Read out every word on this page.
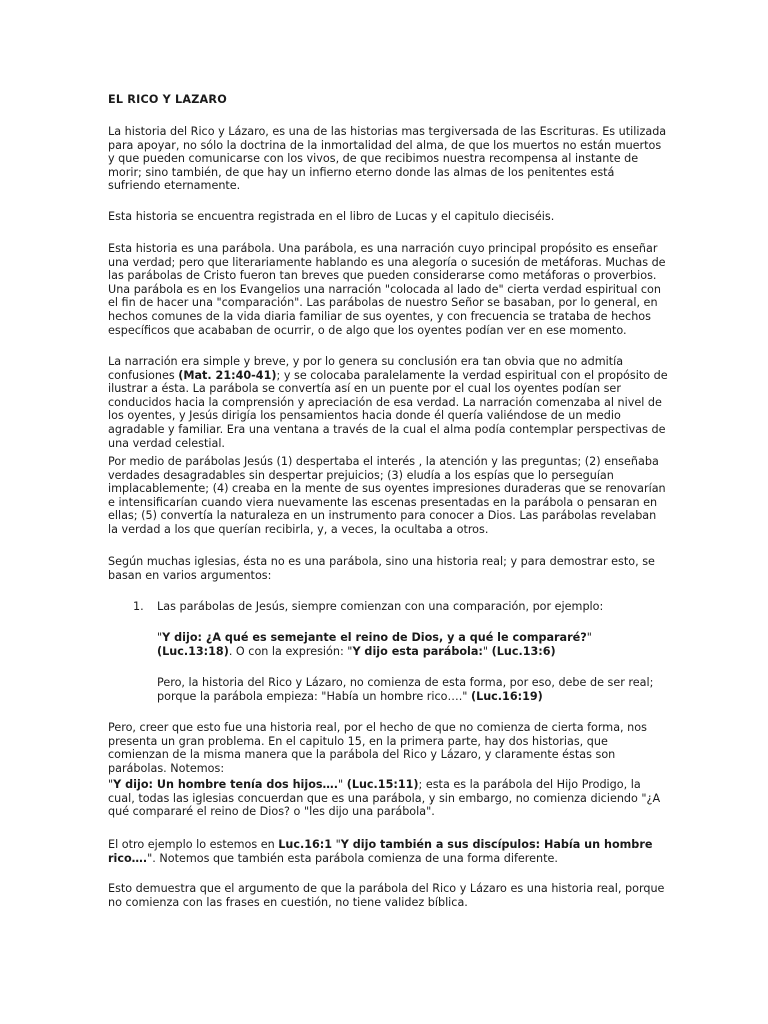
EL RICO Y LAZARO

La historia del Rico y Lázaro, es una de las historias mas tergiversada de las Escrituras. Es utilizada para apoyar, no sólo la doctrina de la inmortalidad del alma, de que los muertos no están muertos y que pueden comunicarse con los vivos, de que recibimos nuestra recompensa al instante de morir; sino también, de que hay un infierno eterno donde las almas de los penitentes está sufriendo eternamente.

Esta historia se encuentra registrada en el libro de Lucas y el capitulo dieciséis.

Esta historia es una parábola. Una parábola, es una narración cuyo principal propósito es enseñar una verdad; pero que literariamente hablando es una alegoría o sucesión de metáforas. Muchas de las parábolas de Cristo fueron tan breves que pueden considerarse como metáforas o proverbios. Una parábola es en los Evangelios una narración "colocada al lado de" cierta verdad espiritual con el fin de hacer una "comparación". Las parábolas de nuestro Señor se basaban, por lo general, en hechos comunes de la vida diaria familiar de sus oyentes, y con frecuencia se trataba de hechos específicos que acababan de ocurrir, o de algo que los oyentes podían ver en ese momento.

La narración era simple y breve, y por lo genera su conclusión era tan obvia que no admitía confusiones (Mat. 21:40-41); y se colocaba paralelamente la verdad espiritual con el propósito de ilustrar a ésta. La parábola se convertía así en un puente por el cual los oyentes podían ser conducidos hacia la comprensión y apreciación de esa verdad. La narración comenzaba al nivel de los oyentes, y Jesús dirigía los pensamientos hacia donde él quería valiéndose de un medio agradable y familiar. Era una ventana a través de la cual el alma podía contemplar perspectivas de una verdad celestial.

Por medio de parábolas Jesús (1) despertaba el interés , la atención y las preguntas; (2) enseñaba verdades desagradables sin despertar prejuicios; (3) eludía a los espías que lo perseguían implacablemente; (4) creaba en la mente de sus oyentes impresiones duraderas que se renovarían e intensificarían cuando viera nuevamente las escenas presentadas en la parábola o pensaran en ellas; (5) convertía la naturaleza en un instrumento para conocer a Dios. Las parábolas revelaban la verdad a los que querían recibirla, y, a veces, la ocultaba a otros.

Según muchas iglesias, ésta no es una parábola, sino una historia real; y para demostrar esto, se basan en varios argumentos:

1. Las parábolas de Jesús, siempre comienzan con una comparación, por ejemplo:

"Y dijo: ¿A qué es semejante el reino de Dios, y a qué le compararé?" (Luc.13:18). O con la expresión: "Y dijo esta parábola:" (Luc.13:6)

Pero, la historia del Rico y Lázaro, no comienza de esta forma, por eso, debe de ser real; porque la parábola empieza: "Había un hombre rico…." (Luc.16:19)

Pero, creer que esto fue una historia real, por el hecho de que no comienza de cierta forma, nos presenta un gran problema. En el capitulo 15, en la primera parte, hay dos historias, que comienzan de la misma manera que la parábola del Rico y Lázaro, y claramente éstas son parábolas. Notemos:

"Y dijo: Un hombre tenía dos hijos…." (Luc.15:11); esta es la parábola del Hijo Prodigo, la cual, todas las iglesias concuerdan que es una parábola, y sin embargo, no comienza diciendo "¿A qué compararé el reino de Dios? o "les dijo una parábola".

El otro ejemplo lo estemos en Luc.16:1 "Y dijo también a sus discípulos: Había un hombre rico….". Notemos que también esta parábola comienza de una forma diferente.

Esto demuestra que el argumento de que la parábola del Rico y Lázaro es una historia real, porque no comienza con las frases en cuestión, no tiene validez bíblica.
